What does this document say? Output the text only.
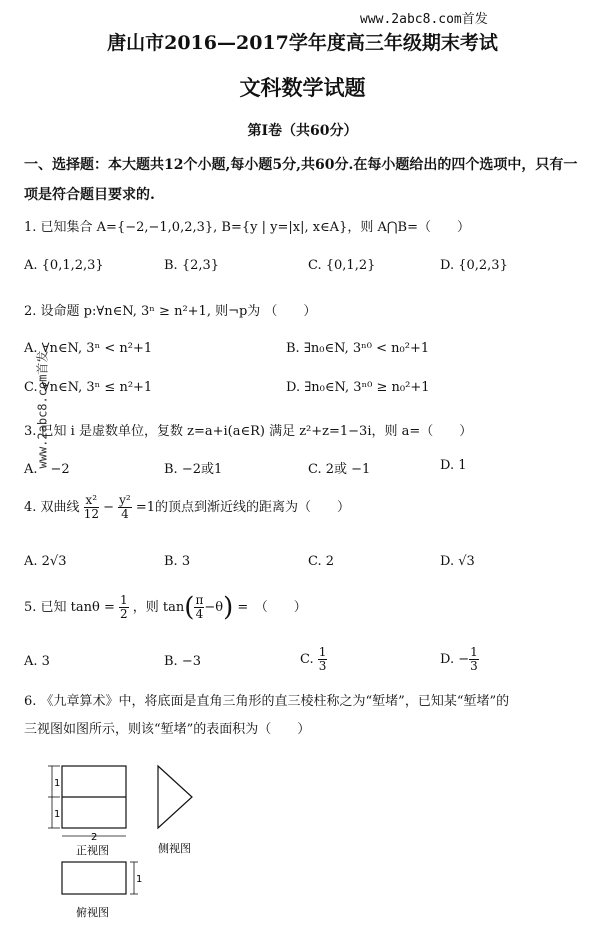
www.2abc8.com首发
www.2abc8.com首发
唐山市2016—2017学年度高三年级期末考试
文科数学试题
第Ⅰ卷（共60分）
一、选择题：本大题共12个小题,每小题5分,共60分.在每小题给出的四个选项中，只有一项是符合题目要求的.
1. 已知集合 A={−2,−1,0,2,3}, B={y | y=|x|, x∈A}，则 A⋂B=（　　）
A. {0,1,2,3}	B. {2,3}	C. {0,1,2}	D. {0,2,3}
2. 设命题 p:∀n∈N, 3ⁿ ≥ n²+1, 则¬p为 （　　）
A. ∀n∈N, 3ⁿ < n²+1	B. ∃n₀∈N, 3ⁿ⁰ < n₀²+1
C. ∀n∈N, 3ⁿ ≤ n²+1	D. ∃n₀∈N, 3ⁿ⁰ ≥ n₀²+1
3. 已知 i 是虚数单位，复数 z=a+i(a∈R) 满足 z²+z=1−3i，则 a=（　　）
A.　−2	B. −2或1	C. 2或 −1	D. 1
4. 双曲线 $\frac{\text{x²}}{12} - \frac{\text{y²}}{4} =1$的顶点到渐近线的距离为（　　）
A. 2√3	B. 3	C. 2	D. √3
5. 已知 $\tan\theta = \frac{1}{2}$ ，则 $\tan( \frac{\pi}{4} -\theta)$ =　（　　）
A. 3	B. −3	C. $\frac{1}{3}$	D. − $\frac{1}{3}$
6. 《九章算术》中，将底面是直角三角形的直三棱柱称之为“堑堵”，已知某“堑堵”的
三视图如图所示，则该“堑堵”的表面积为（　　）
1
1
2
正视图	侧视图
1
俯视图
